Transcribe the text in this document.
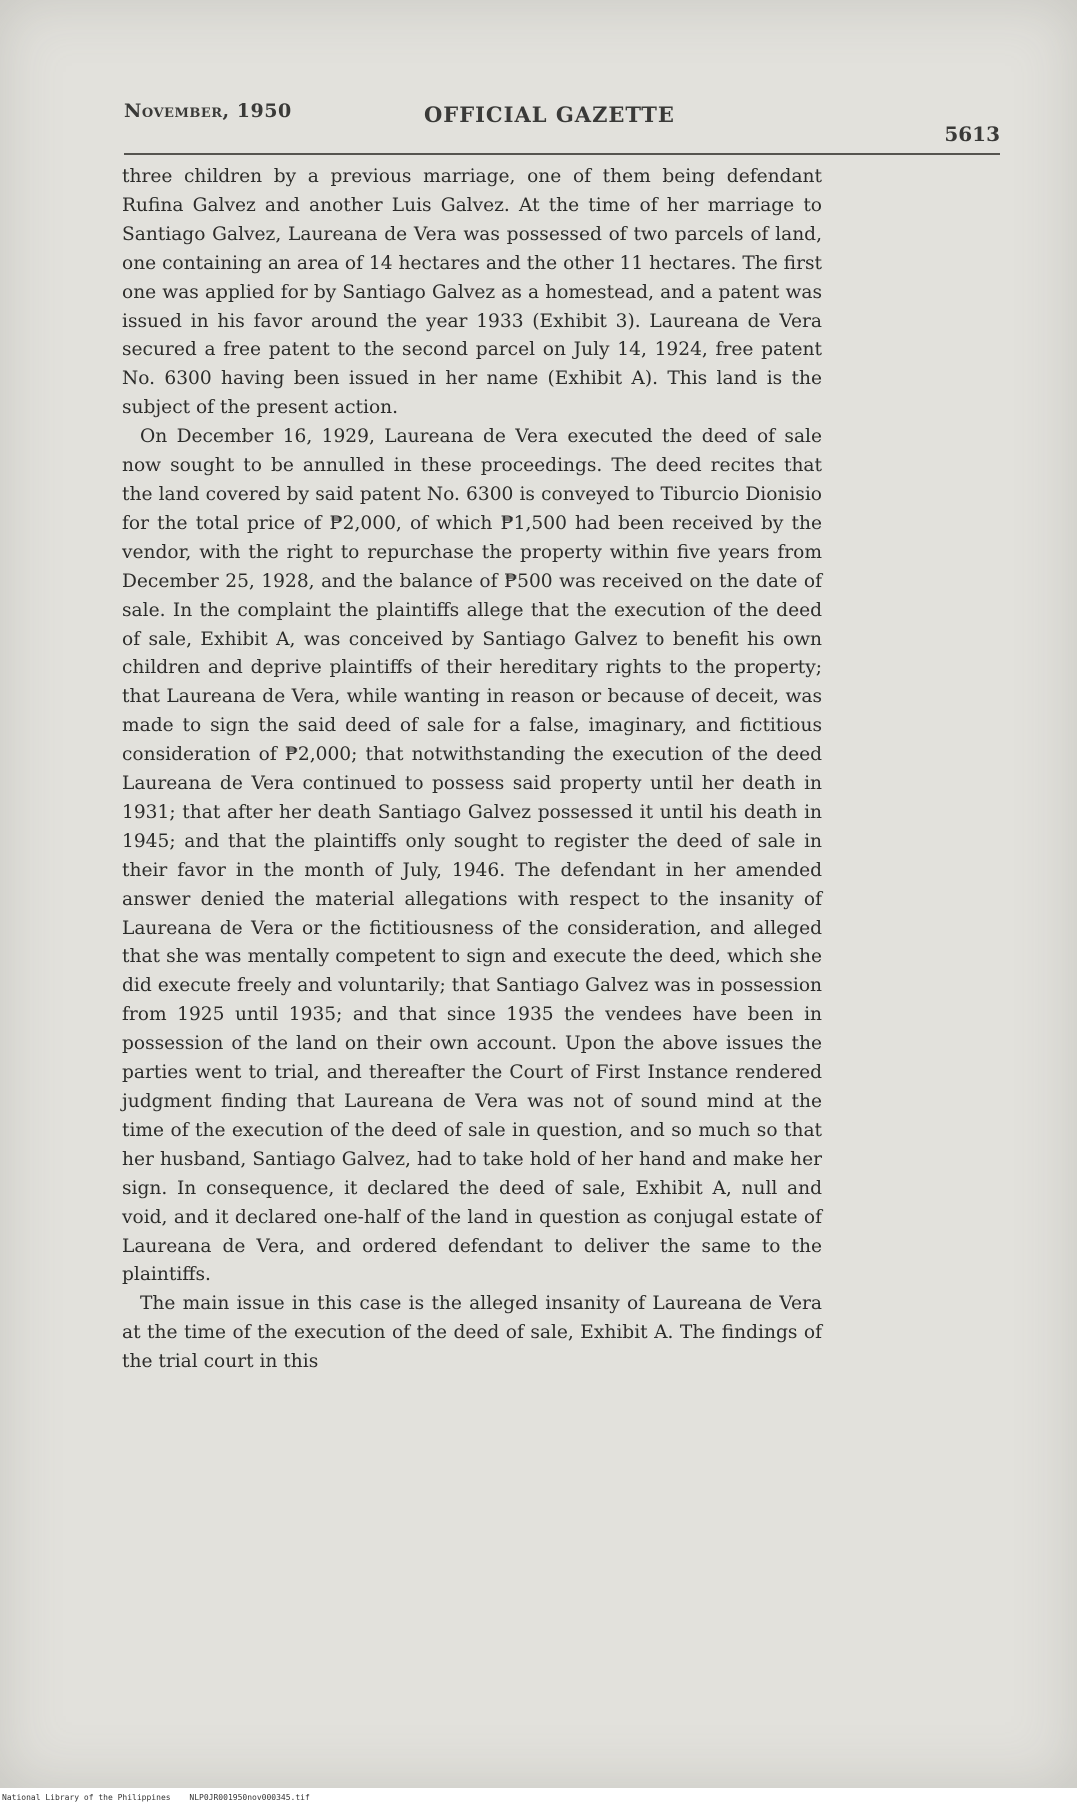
November, 1950	OFFICIAL GAZETTE
5613

three children by a previous marriage, one of them being defendant Rufina Galvez and another Luis Galvez. At the time of her marriage to Santiago Galvez, Laureana de Vera was possessed of two parcels of land, one containing an area of 14 hectares and the other 11 hectares. The first one was applied for by Santiago Galvez as a homestead, and a patent was issued in his favor around the year 1933 (Exhibit 3). Laureana de Vera secured a free patent to the second parcel on July 14, 1924, free patent No. 6300 having been issued in her name (Exhibit A). This land is the subject of the present action.

On December 16, 1929, Laureana de Vera executed the deed of sale now sought to be annulled in these proceedings. The deed recites that the land covered by said patent No. 6300 is conveyed to Tiburcio Dionisio for the total price of ₱2,000, of which ₱1,500 had been received by the vendor, with the right to repurchase the property within five years from December 25, 1928, and the balance of ₱500 was received on the date of sale. In the complaint the plaintiffs allege that the execution of the deed of sale, Exhibit A, was conceived by Santiago Galvez to benefit his own children and deprive plaintiffs of their hereditary rights to the property; that Laureana de Vera, while wanting in reason or because of deceit, was made to sign the said deed of sale for a false, imaginary, and fictitious consideration of ₱2,000; that notwithstanding the execution of the deed Laureana de Vera continued to possess said property until her death in 1931; that after her death Santiago Galvez possessed it until his death in 1945; and that the plaintiffs only sought to register the deed of sale in their favor in the month of July, 1946. The defendant in her amended answer denied the material allegations with respect to the insanity of Laureana de Vera or the fictitiousness of the consideration, and alleged that she was mentally competent to sign and execute the deed, which she did execute freely and voluntarily; that Santiago Galvez was in possession from 1925 until 1935; and that since 1935 the vendees have been in possession of the land on their own account. Upon the above issues the parties went to trial, and thereafter the Court of First Instance rendered judgment finding that Laureana de Vera was not of sound mind at the time of the execution of the deed of sale in question, and so much so that her husband, Santiago Galvez, had to take hold of her hand and make her sign. In consequence, it declared the deed of sale, Exhibit A, null and void, and it declared one-half of the land in question as conjugal estate of Laureana de Vera, and ordered defendant to deliver the same to the plaintiffs.

The main issue in this case is the alleged insanity of Laureana de Vera at the time of the execution of the deed of sale, Exhibit A. The findings of the trial court in this

National Library of the Philippines NLP0JR001950nov000345.tif
